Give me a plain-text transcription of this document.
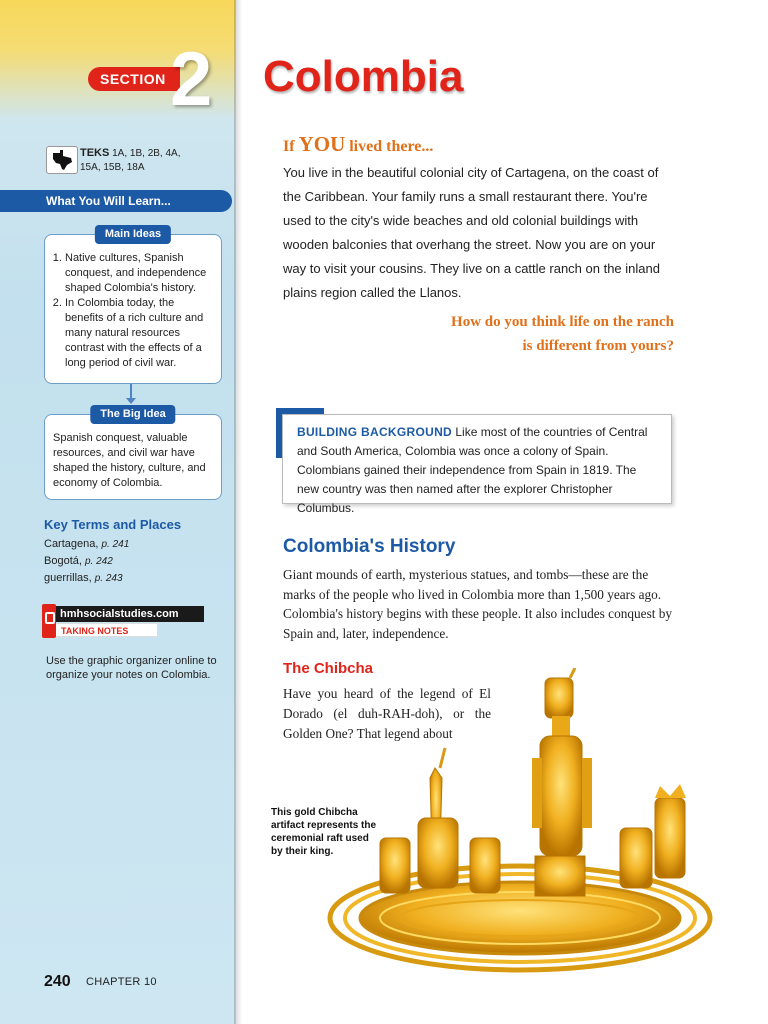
SECTION 2
TEKS 1A, 1B, 2B, 4A,
15A, 15B, 18A
What You Will Learn...
Main Ideas
1. Native cultures, Spanish conquest, and independence shaped Colombia's history.
2. In Colombia today, the benefits of a rich culture and many natural resources contrast with the effects of a long period of civil war.
The Big Idea
Spanish conquest, valuable resources, and civil war have shaped the history, culture, and economy of Colombia.
Key Terms and Places
Cartagena, p. 241
Bogotá, p. 242
guerrillas, p. 243
hmhsocialstudies.com
TAKING NOTES
Use the graphic organizer online to organize your notes on Colombia.
240 CHAPTER 10
Colombia
If YOU lived there...
You live in the beautiful colonial city of Cartagena, on the coast of the Caribbean. Your family runs a small restaurant there. You're used to the city's wide beaches and old colonial buildings with wooden balconies that overhang the street. Now you are on your way to visit your cousins. They live on a cattle ranch on the inland plains region called the Llanos.
How do you think life on the ranch
is different from yours?
BUILDING BACKGROUND Like most of the countries of Central and South America, Colombia was once a colony of Spain. Colombians gained their independence from Spain in 1819. The new country was then named after the explorer Christopher Columbus.
Colombia's History
Giant mounds of earth, mysterious statues, and tombs—these are the marks of the people who lived in Colombia more than 1,500 years ago. Colombia's history begins with these people. It also includes conquest by Spain and, later, independence.
The Chibcha
Have you heard of the legend of El Dorado (el duh-RAH-doh), or the Golden One? That legend about
This gold Chibcha artifact represents the ceremonial raft used by their king.
